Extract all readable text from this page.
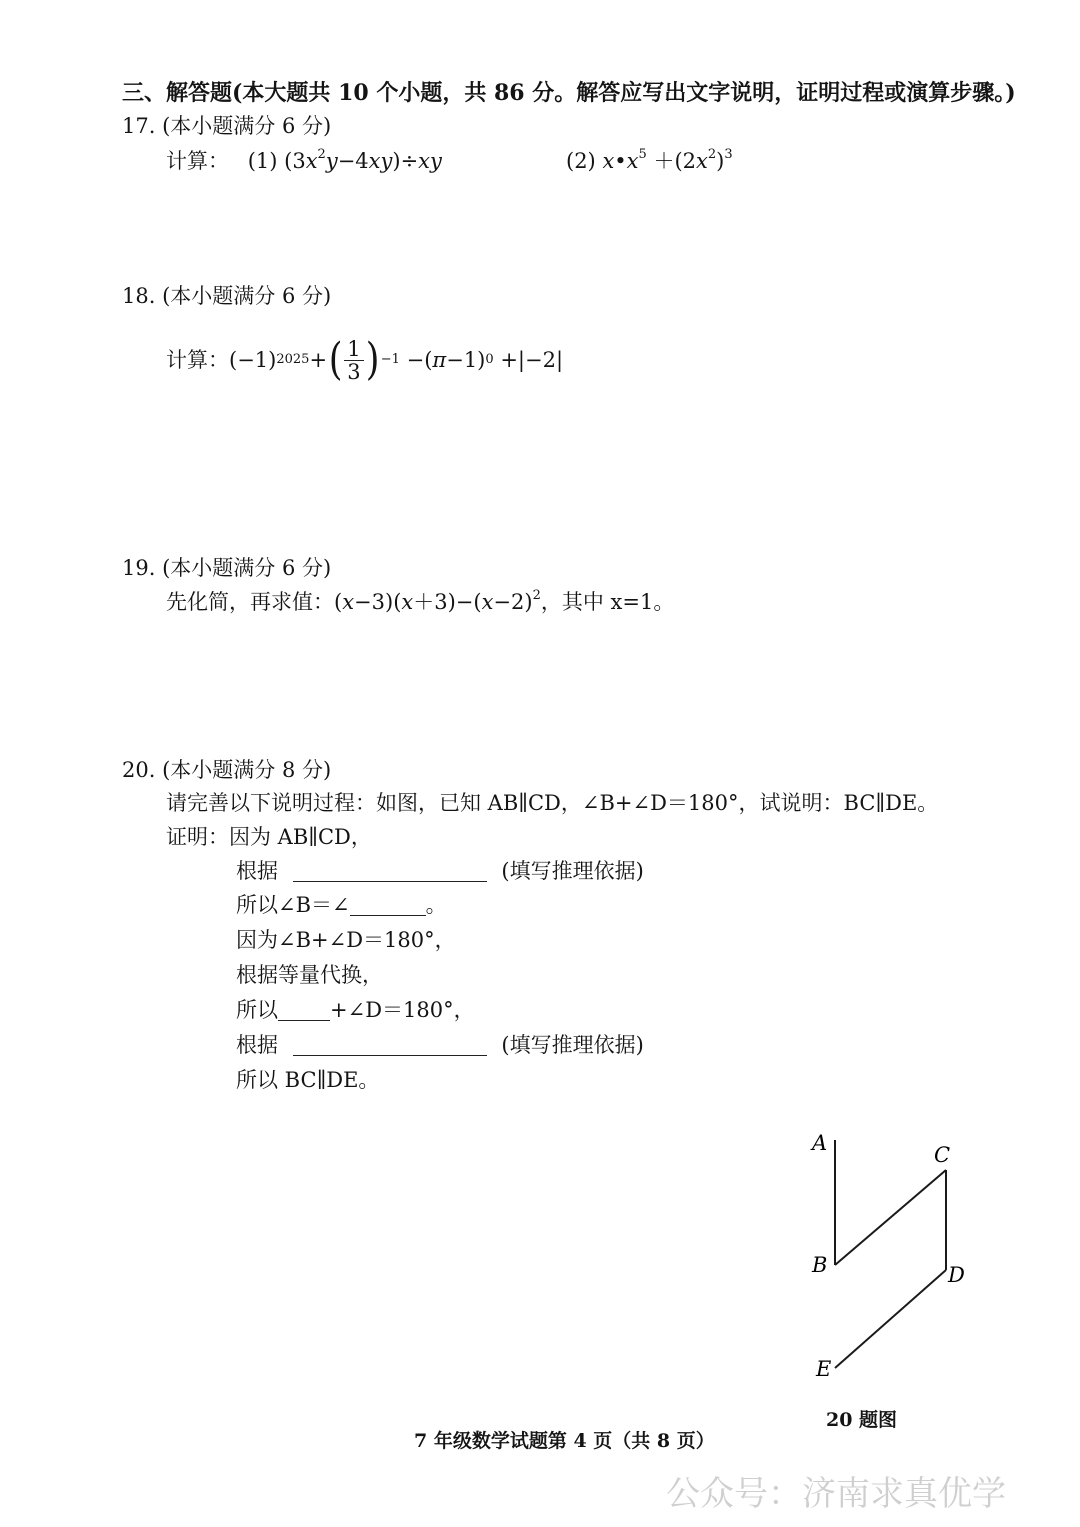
三、解答题(本大题共 10 个小题，共 86 分。解答应写出文字说明，证明过程或演算步骤。)
17. (本小题满分 6 分)
计算： (1) $(3x^2y-4xy)\div xy$	(2) $x•x^5 +(2x^2)^3$
18. (本小题满分 6 分)
计算： (−1) 2025 + ( $\frac{1}{3}$ ) −1 −( π −1) 0 +|−2|
19. (本小题满分 6 分)
先化简，再求值：$(x-3)(x+3)-(x-2)^2$，其中 x=1。
20. (本小题满分 8 分)
请完善以下说明过程：如图，已知 AB∥CD，∠B+∠D＝180°，试说明：BC∥DE。
证明：因为 AB∥CD，
根据	(填写推理依据)
所以∠B＝∠	。
因为∠B+∠D＝180°，
根据等量代换，
所以 +∠D＝180°，
根据	(填写推理依据)
所以 BC∥DE。
A
B
C
D
E
20 题图
7 年级数学试题第 4 页（共 8 页）
公众号：济南求真优学
